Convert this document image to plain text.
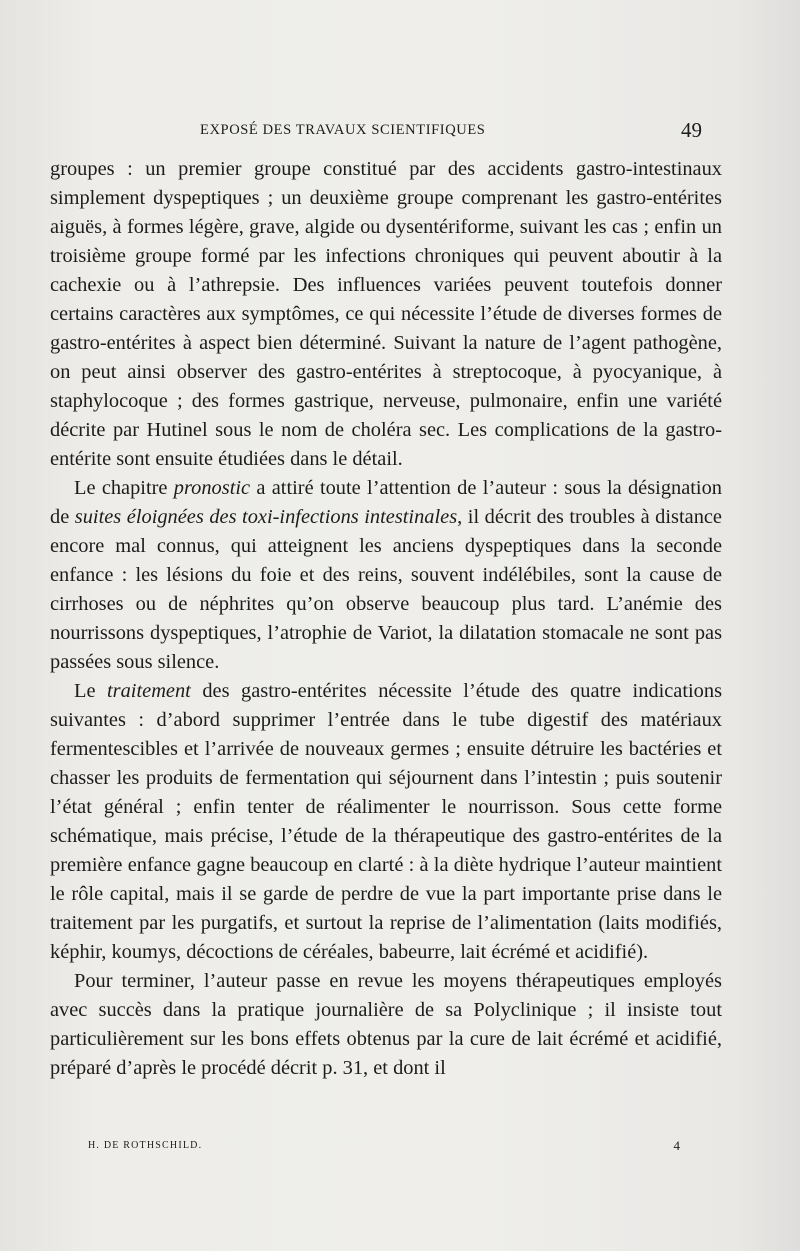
EXPOSÉ DES TRAVAUX SCIENTIFIQUES	49

groupes : un premier groupe constitué par des accidents gastro-intestinaux simplement dyspeptiques ; un deuxième groupe comprenant les gastro-entérites aiguës, à formes légère, grave, algide ou dysentériforme, suivant les cas ; enfin un troisième groupe formé par les infections chroniques qui peuvent aboutir à la cachexie ou à l’athrepsie. Des influences variées peuvent toutefois donner certains caractères aux symptômes, ce qui nécessite l’étude de diverses formes de gastro-entérites à aspect bien déterminé. Suivant la nature de l’agent pathogène, on peut ainsi observer des gastro-entérites à streptocoque, à pyocyanique, à staphylocoque ; des formes gastrique, nerveuse, pulmonaire, enfin une variété décrite par Hutinel sous le nom de choléra sec. Les complications de la gastro-entérite sont ensuite étudiées dans le détail.

Le chapitre pronostic a attiré toute l’attention de l’auteur : sous la désignation de suites éloignées des toxi-infections intestinales, il décrit des troubles à distance encore mal connus, qui atteignent les anciens dyspeptiques dans la seconde enfance : les lésions du foie et des reins, souvent indélébiles, sont la cause de cirrhoses ou de néphrites qu’on observe beaucoup plus tard. L’anémie des nourrissons dyspeptiques, l’atrophie de Variot, la dilatation stomacale ne sont pas passées sous silence.

Le traitement des gastro-entérites nécessite l’étude des quatre indications suivantes : d’abord supprimer l’entrée dans le tube digestif des matériaux fermentescibles et l’arrivée de nouveaux germes ; ensuite détruire les bactéries et chasser les produits de fermentation qui séjournent dans l’intestin ; puis soutenir l’état général ; enfin tenter de réalimenter le nourrisson. Sous cette forme schématique, mais précise, l’étude de la thérapeutique des gastro-entérites de la première enfance gagne beaucoup en clarté : à la diète hydrique l’auteur maintient le rôle capital, mais il se garde de perdre de vue la part importante prise dans le traitement par les purgatifs, et surtout la reprise de l’alimentation (laits modifiés, képhir, koumys, décoctions de céréales, babeurre, lait écrémé et acidifié).

Pour terminer, l’auteur passe en revue les moyens thérapeutiques employés avec succès dans la pratique journalière de sa Polyclinique ; il insiste tout particulièrement sur les bons effets obtenus par la cure de lait écrémé et acidifié, préparé d’après le procédé décrit p. 31, et dont il

H. DE ROTHSCHILD.	4
